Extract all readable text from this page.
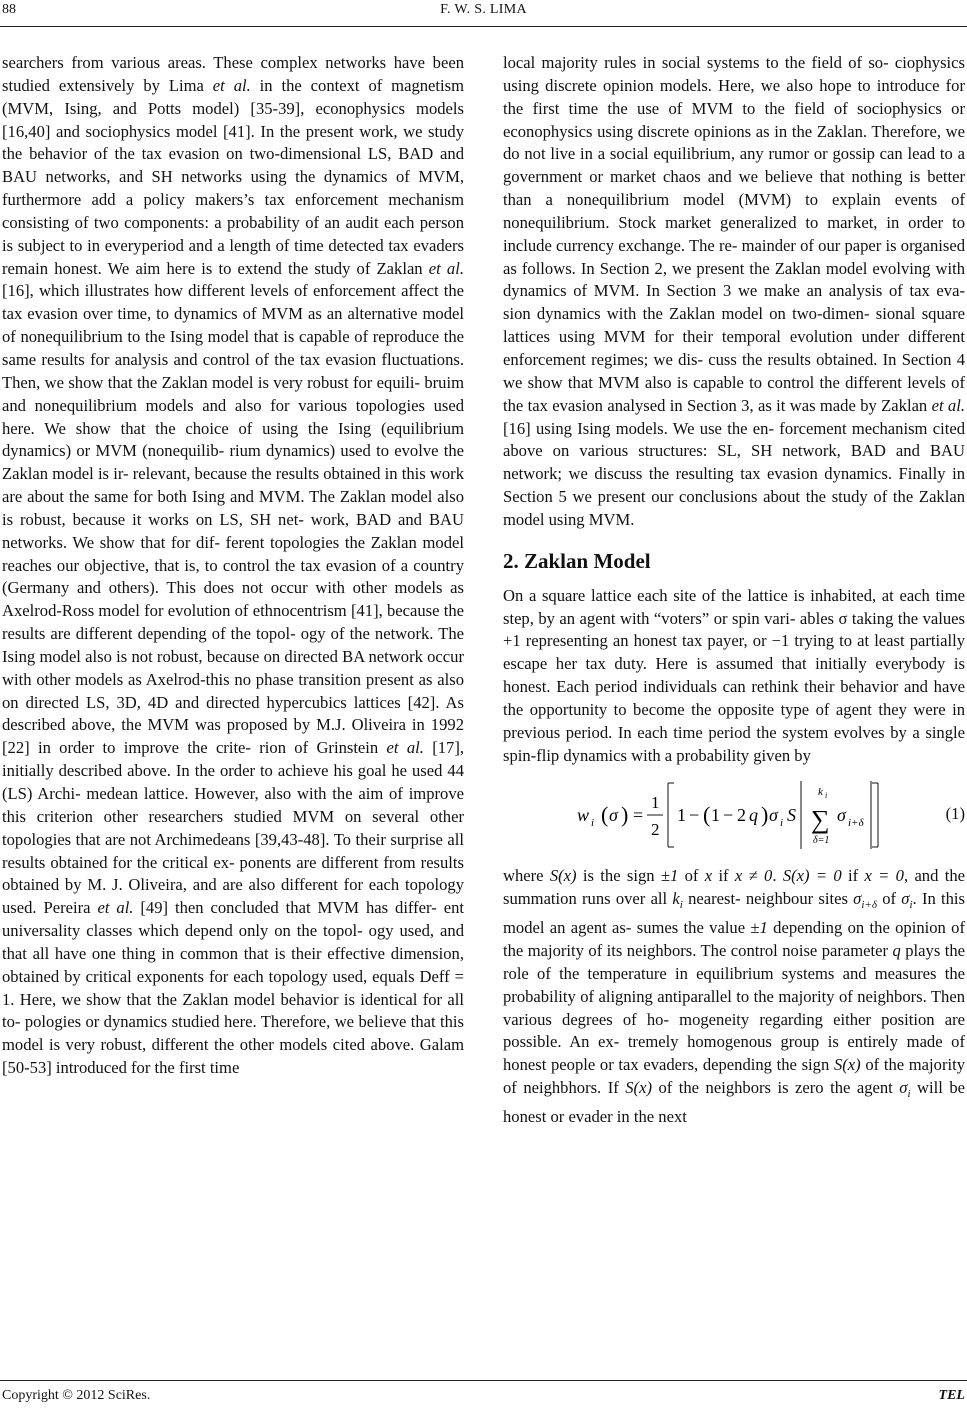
88	F. W. S. LIMA

searchers from various areas. These complex networks have been studied extensively by Lima et al. in the context of magnetism (MVM, Ising, and Potts model) [35-39], econophysics models [16,40] and sociophysics model [41]. In the present work, we study the behavior of the tax evasion on two-dimensional LS, BAD and BAU networks, and SH networks using the dynamics of MVM, furthermore add a policy makers’s tax enforcement mechanism consisting of two components: a probability of an audit each person is subject to in everyperiod and a length of time detected tax evaders remain honest. We aim here is to extend the study of Zaklan et al. [16], which illustrates how different levels of enforcement affect the tax evasion over time, to dynamics of MVM as an alternative model of nonequilibrium to the Ising model that is capable of reproduce the same results for analysis and control of the tax evasion fluctuations. Then, we show that the Zaklan model is very robust for equili- bruim and nonequilibrium models and also for various topologies used here. We show that the choice of using the Ising (equilibrium dynamics) or MVM (nonequilib- rium dynamics) used to evolve the Zaklan model is ir- relevant, because the results obtained in this work are about the same for both Ising and MVM. The Zaklan model also is robust, because it works on LS, SH net- work, BAD and BAU networks. We show that for dif- ferent topologies the Zaklan model reaches our objective, that is, to control the tax evasion of a country (Germany and others). This does not occur with other models as Axelrod-Ross model for evolution of ethnocentrism [41], because the results are different depending of the topol- ogy of the network. The Ising model also is not robust, because on directed BA network occur with other models as Axelrod-this no phase transition present as also on directed LS, 3D, 4D and directed hypercubics lattices [42]. As described above, the MVM was proposed by M.J. Oliveira in 1992 [22] in order to improve the crite- rion of Grinstein et al. [17], initially described above. In the order to achieve his goal he used 44 (LS) Archi- medean lattice. However, also with the aim of improve this criterion other researchers studied MVM on several other topologies that are not Archimedeans [39,43-48]. To their surprise all results obtained for the critical ex- ponents are different from results obtained by M. J. Oliveira, and are also different for each topology used. Pereira et al. [49] then concluded that MVM has differ- ent universality classes which depend only on the topol- ogy used, and that all have one thing in common that is their effective dimension, obtained by critical exponents for each topology used, equals Deff = 1. Here, we show that the Zaklan model behavior is identical for all to- pologies or dynamics studied here. Therefore, we believe that this model is very robust, different the other models cited above. Galam [50-53] introduced for the first time

local majority rules in social systems to the field of so- ciophysics using discrete opinion models. Here, we also hope to introduce for the first time the use of MVM to the field of sociophysics or econophysics using discrete opinions as in the Zaklan. Therefore, we do not live in a social equilibrium, any rumor or gossip can lead to a government or market chaos and we believe that nothing is better than a nonequilibrium model (MVM) to explain events of nonequilibrium. Stock market generalized to market, in order to include currency exchange. The re- mainder of our paper is organised as follows. In Section 2, we present the Zaklan model evolving with dynamics of MVM. In Section 3 we make an analysis of tax eva- sion dynamics with the Zaklan model on two-dimen- sional square lattices using MVM for their temporal evolution under different enforcement regimes; we dis- cuss the results obtained. In Section 4 we show that MVM also is capable to control the different levels of the tax evasion analysed in Section 3, as it was made by Zaklan et al. [16] using Ising models. We use the en- forcement mechanism cited above on various structures: SL, SH network, BAD and BAU network; we discuss the resulting tax evasion dynamics. Finally in Section 5 we present our conclusions about the study of the Zaklan model using MVM.

2. Zaklan Model

On a square lattice each site of the lattice is inhabited, at each time step, by an agent with “voters” or spin vari- ables σ taking the values +1 representing an honest tax payer, or −1 trying to at least partially escape her tax duty. Here is assumed that initially everybody is honest. Each period individuals can rethink their behavior and have the opportunity to become the opposite type of agent they were in previous period. In each time period the system evolves by a single spin-flip dynamics with a probability given by

w i ( σ ) =
1
2
1 − ( 1 − 2 q ) σ i S
k i
∑
δ=1
σ i+δ	(1)

where S(x) is the sign ±1 of x if x ≠ 0. S(x) = 0 if x = 0, and the summation runs over all $k_i$ nearest- neighbour sites $\sigma_{i+\delta}$ of $\sigma_i$. In this model an agent as- sumes the value ±1 depending on the opinion of the majority of its neighbors. The control noise parameter q plays the role of the temperature in equilibrium systems and measures the probability of aligning antiparallel to the majority of neighbors. Then various degrees of ho- mogeneity regarding either position are possible. An ex- tremely homogenous group is entirely made of honest people or tax evaders, depending the sign S(x) of the majority of neighbhors. If S(x) of the neighbors is zero the agent $\sigma_i$ will be honest or evader in the next

Copyright © 2012 SciRes.	TEL
